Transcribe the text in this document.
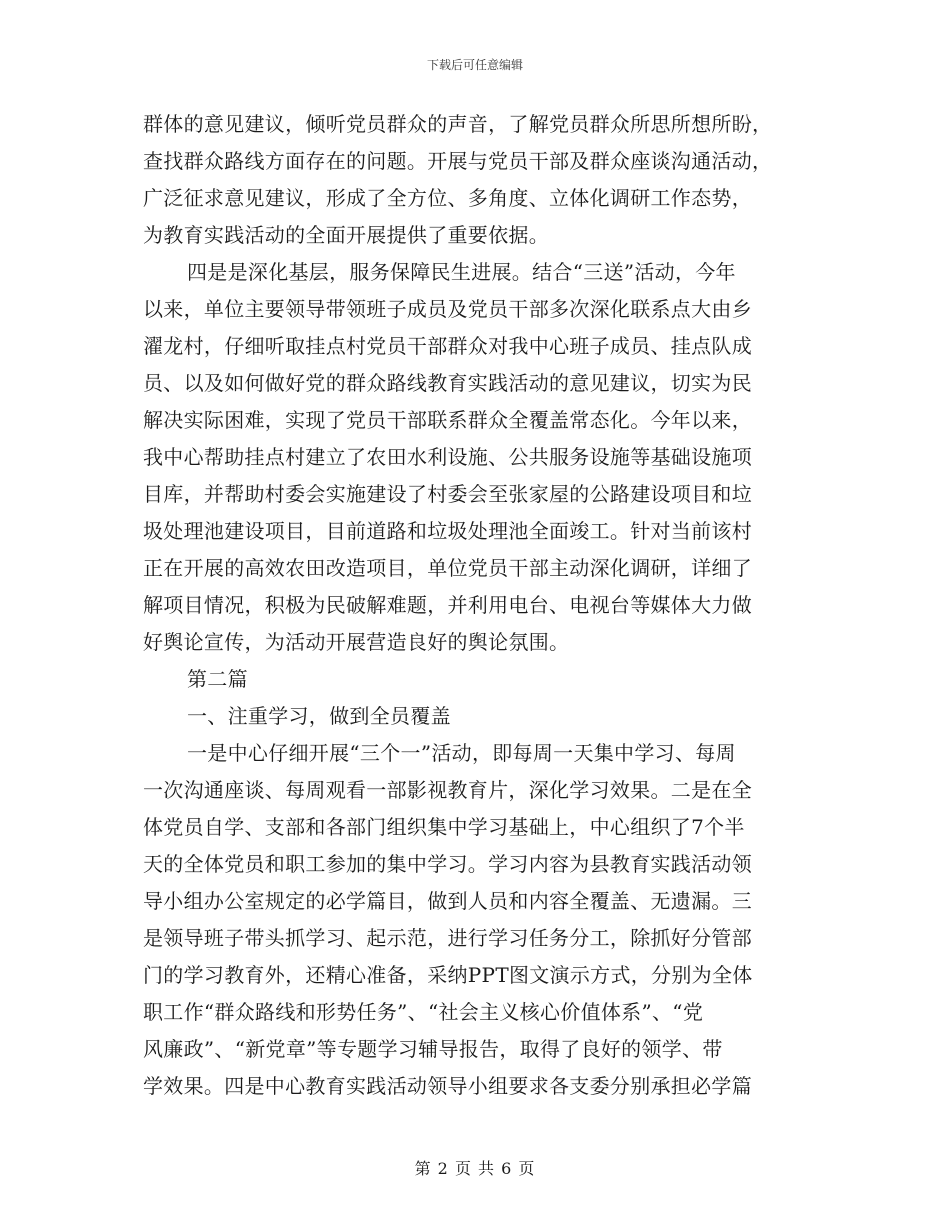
下载后可任意编辑
群体的意见建议，倾听党员群众的声音，了解党员群众所思所想所盼，
查找群众路线方面存在的问题。开展与党员干部及群众座谈沟通活动，
广泛征求意见建议，形成了全方位、多角度、立体化调研工作态势，
为教育实践活动的全面开展提供了重要依据。
四是是深化基层，服务保障民生进展。结合“三送”活动，今年
以来，单位主要领导带领班子成员及党员干部多次深化联系点大由乡
濯龙村，仔细听取挂点村党员干部群众对我中心班子成员、挂点队成
员、以及如何做好党的群众路线教育实践活动的意见建议，切实为民
解决实际困难，实现了党员干部联系群众全覆盖常态化。今年以来，
我中心帮助挂点村建立了农田水利设施、公共服务设施等基础设施项
目库，并帮助村委会实施建设了村委会至张家屋的公路建设项目和垃
圾处理池建设项目，目前道路和垃圾处理池全面竣工。针对当前该村
正在开展的高效农田改造项目，单位党员干部主动深化调研，详细了
解项目情况，积极为民破解难题，并利用电台、电视台等媒体大力做
好舆论宣传，为活动开展营造良好的舆论氛围。
第二篇
一、注重学习，做到全员覆盖
一是中心仔细开展“三个一”活动，即每周一天集中学习、每周
一次沟通座谈、每周观看一部影视教育片，深化学习效果。二是在全
体党员自学、支部和各部门组织集中学习基础上，中心组织了7个半
天的全体党员和职工参加的集中学习。学习内容为县教育实践活动领
导小组办公室规定的必学篇目，做到人员和内容全覆盖、无遗漏。三
是领导班子带头抓学习、起示范，进行学习任务分工，除抓好分管部
门的学习教育外，还精心准备，采纳PPT图文演示方式，分别为全体
职工作“群众路线和形势任务”、“社会主义核心价值体系”、“党
风廉政”、“新党章”等专题学习辅导报告，取得了良好的领学、带
学效果。四是中心教育实践活动领导小组要求各支委分别承担必学篇
第 2 页 共 6 页
